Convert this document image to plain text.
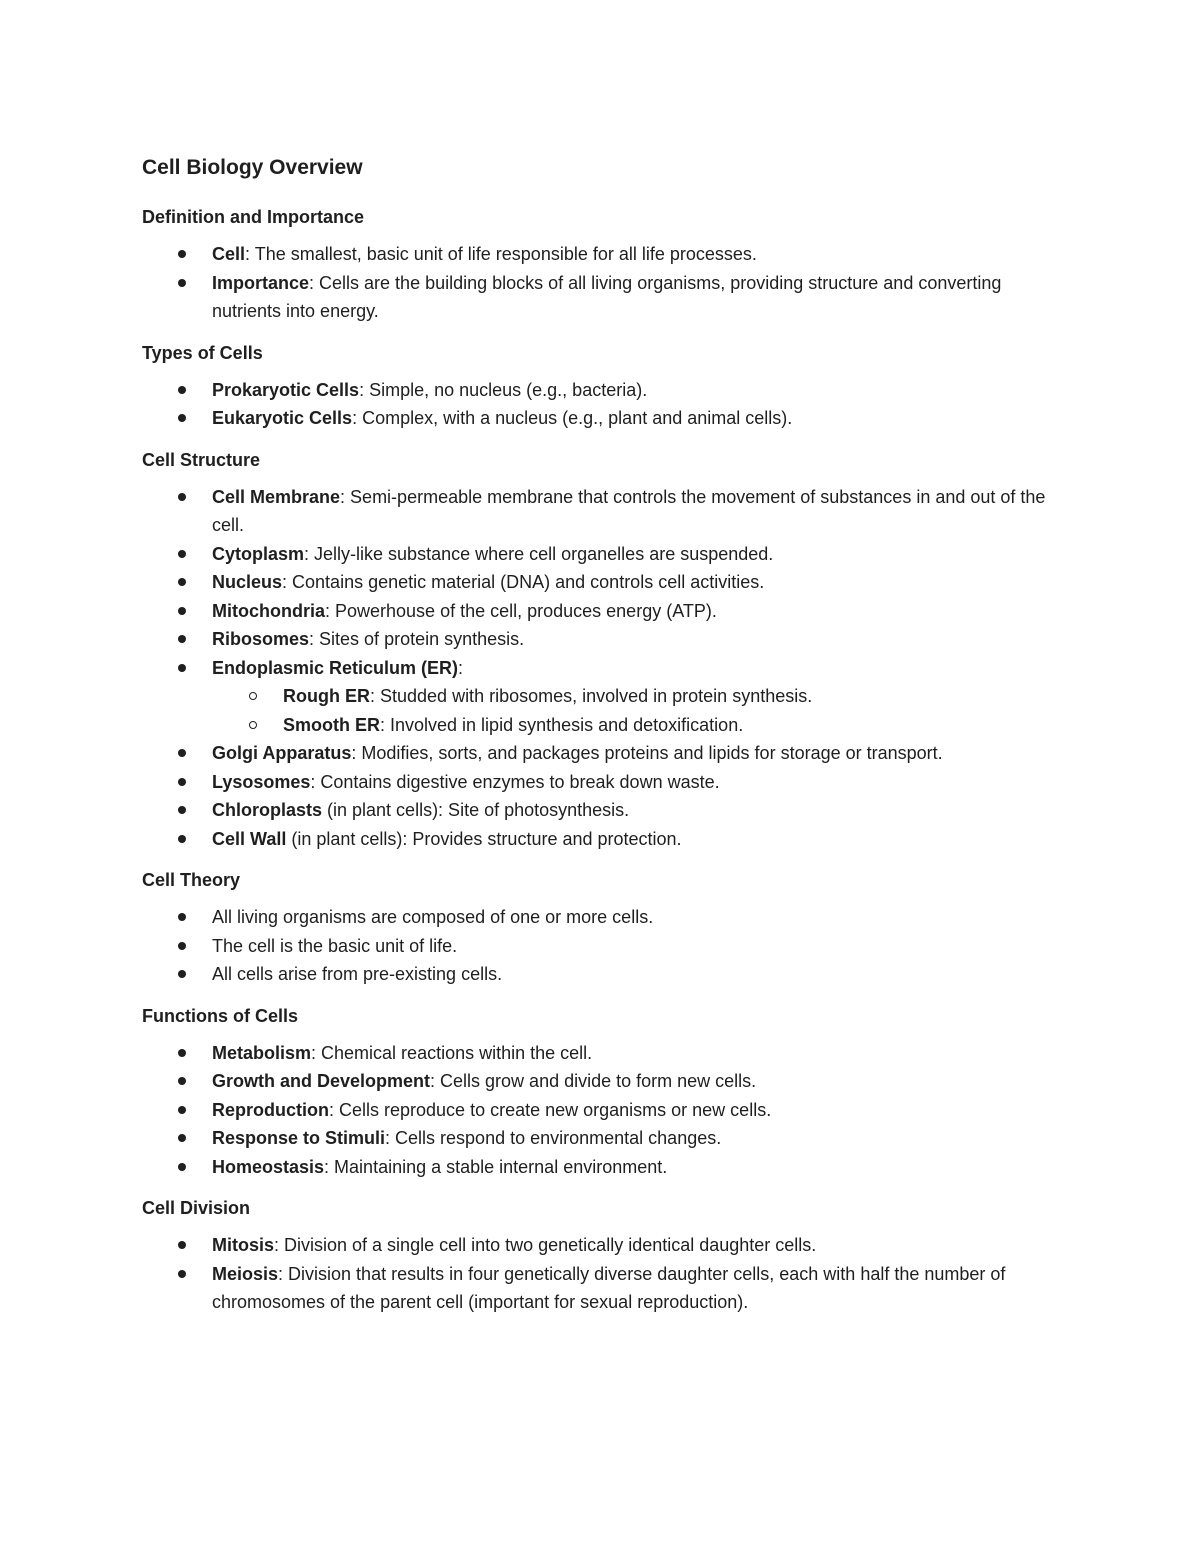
Cell Biology Overview
Definition and Importance
Cell: The smallest, basic unit of life responsible for all life processes.
Importance: Cells are the building blocks of all living organisms, providing structure and converting nutrients into energy.
Types of Cells
Prokaryotic Cells: Simple, no nucleus (e.g., bacteria).
Eukaryotic Cells: Complex, with a nucleus (e.g., plant and animal cells).
Cell Structure
Cell Membrane: Semi-permeable membrane that controls the movement of substances in and out of the cell.
Cytoplasm: Jelly-like substance where cell organelles are suspended.
Nucleus: Contains genetic material (DNA) and controls cell activities.
Mitochondria: Powerhouse of the cell, produces energy (ATP).
Ribosomes: Sites of protein synthesis.
Endoplasmic Reticulum (ER):
Rough ER: Studded with ribosomes, involved in protein synthesis.
Smooth ER: Involved in lipid synthesis and detoxification.
Golgi Apparatus: Modifies, sorts, and packages proteins and lipids for storage or transport.
Lysosomes: Contains digestive enzymes to break down waste.
Chloroplasts (in plant cells): Site of photosynthesis.
Cell Wall (in plant cells): Provides structure and protection.
Cell Theory
All living organisms are composed of one or more cells.
The cell is the basic unit of life.
All cells arise from pre-existing cells.
Functions of Cells
Metabolism: Chemical reactions within the cell.
Growth and Development: Cells grow and divide to form new cells.
Reproduction: Cells reproduce to create new organisms or new cells.
Response to Stimuli: Cells respond to environmental changes.
Homeostasis: Maintaining a stable internal environment.
Cell Division
Mitosis: Division of a single cell into two genetically identical daughter cells.
Meiosis: Division that results in four genetically diverse daughter cells, each with half the number of chromosomes of the parent cell (important for sexual reproduction).
